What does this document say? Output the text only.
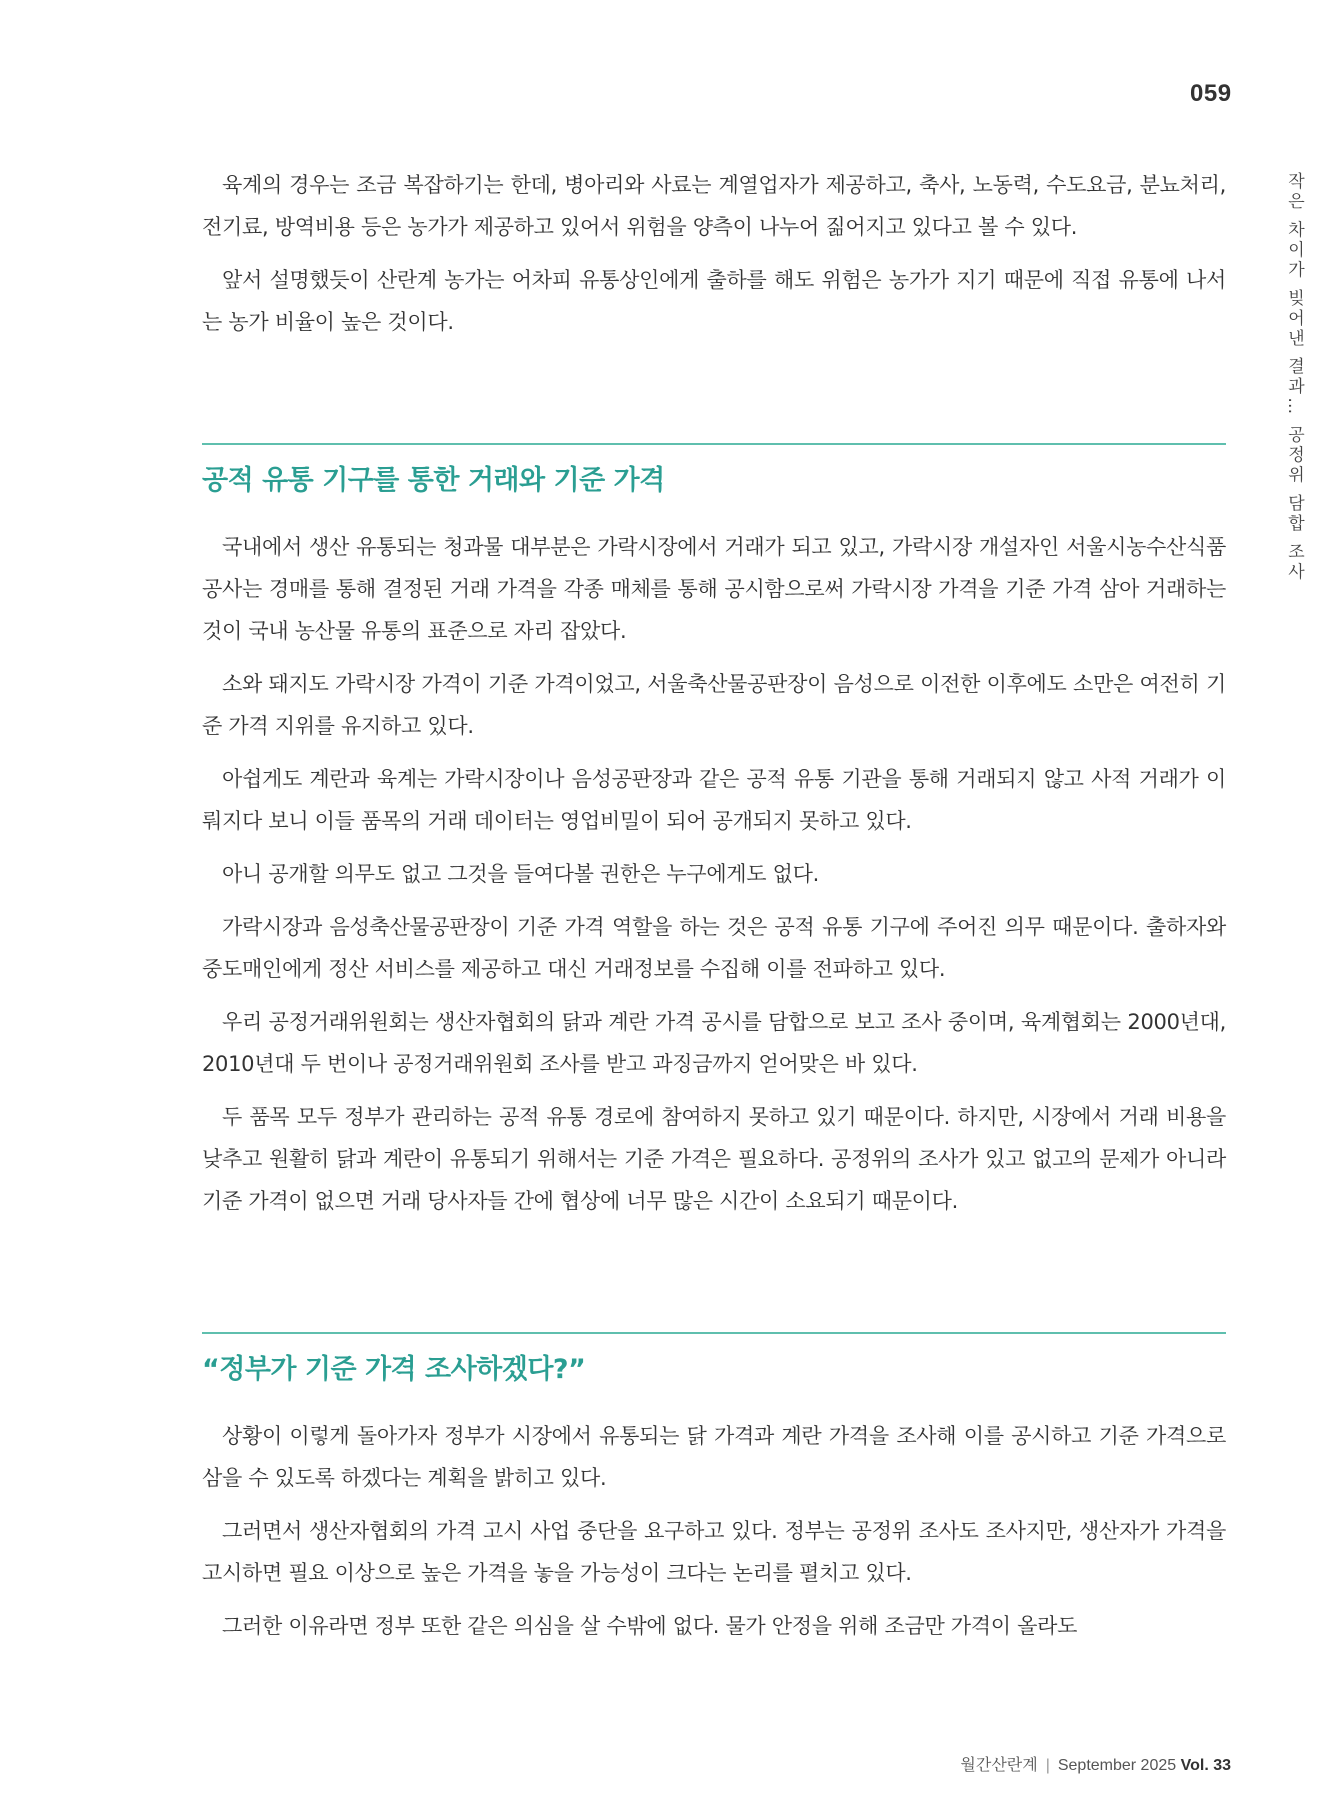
059
작은 차이가 빚어낸 결과… 공정위 담합 조사

육계의 경우는 조금 복잡하기는 한데, 병아리와 사료는 계열업자가 제공하고, 축사, 노동력, 수도요금, 분뇨처리, 전기료, 방역비용 등은 농가가 제공하고 있어서 위험을 양측이 나누어 짊어지고 있다고 볼 수 있다.

앞서 설명했듯이 산란계 농가는 어차피 유통상인에게 출하를 해도 위험은 농가가 지기 때문에 직접 유통에 나서는 농가 비율이 높은 것이다.

공적 유통 기구를 통한 거래와 기준 가격

국내에서 생산 유통되는 청과물 대부분은 가락시장에서 거래가 되고 있고, 가락시장 개설자인 서울시농수산식품공사는 경매를 통해 결정된 거래 가격을 각종 매체를 통해 공시함으로써 가락시장 가격을 기준 가격 삼아 거래하는 것이 국내 농산물 유통의 표준으로 자리 잡았다.

소와 돼지도 가락시장 가격이 기준 가격이었고, 서울축산물공판장이 음성으로 이전한 이후에도 소만은 여전히 기준 가격 지위를 유지하고 있다.

아쉽게도 계란과 육계는 가락시장이나 음성공판장과 같은 공적 유통 기관을 통해 거래되지 않고 사적 거래가 이뤄지다 보니 이들 품목의 거래 데이터는 영업비밀이 되어 공개되지 못하고 있다.

아니 공개할 의무도 없고 그것을 들여다볼 권한은 누구에게도 없다.

가락시장과 음성축산물공판장이 기준 가격 역할을 하는 것은 공적 유통 기구에 주어진 의무 때문이다. 출하자와 중도매인에게 정산 서비스를 제공하고 대신 거래정보를 수집해 이를 전파하고 있다.

우리 공정거래위원회는 생산자협회의 닭과 계란 가격 공시를 담합으로 보고 조사 중이며, 육계협회는 2000년대, 2010년대 두 번이나 공정거래위원회 조사를 받고 과징금까지 얻어맞은 바 있다.

두 품목 모두 정부가 관리하는 공적 유통 경로에 참여하지 못하고 있기 때문이다. 하지만, 시장에서 거래 비용을 낮추고 원활히 닭과 계란이 유통되기 위해서는 기준 가격은 필요하다. 공정위의 조사가 있고 없고의 문제가 아니라 기준 가격이 없으면 거래 당사자들 간에 협상에 너무 많은 시간이 소요되기 때문이다.

“정부가 기준 가격 조사하겠다?”

상황이 이렇게 돌아가자 정부가 시장에서 유통되는 닭 가격과 계란 가격을 조사해 이를 공시하고 기준 가격으로 삼을 수 있도록 하겠다는 계획을 밝히고 있다.

그러면서 생산자협회의 가격 고시 사업 중단을 요구하고 있다. 정부는 공정위 조사도 조사지만, 생산자가 가격을 고시하면 필요 이상으로 높은 가격을 놓을 가능성이 크다는 논리를 펼치고 있다.

그러한 이유라면 정부 또한 같은 의심을 살 수밖에 없다. 물가 안정을 위해 조금만 가격이 올라도

월간산란계 | September 2025 Vol. 33
